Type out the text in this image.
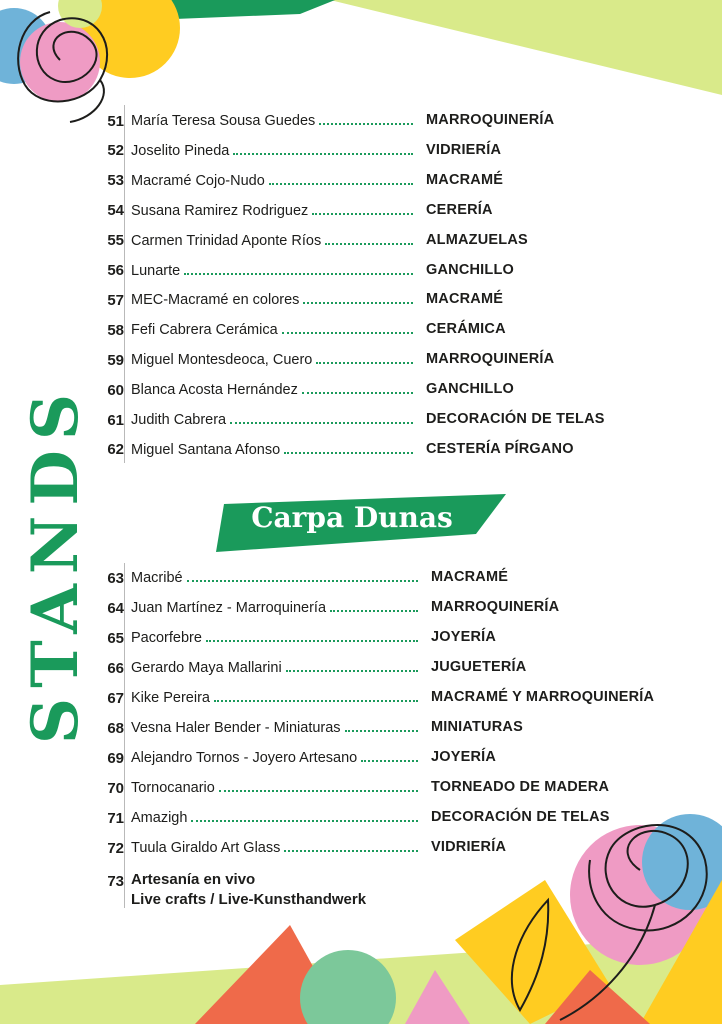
STANDS
51 María Teresa Sousa Guedes	MARROQUINERÍA
52 Joselito Pineda	VIDRIERÍA
53 Macramé Cojo-Nudo	MACRAMÉ
54 Susana Ramirez Rodriguez	CERERÍA
55 Carmen Trinidad Aponte Ríos	ALMAZUELAS
56 Lunarte	GANCHILLO
57 MEC-Macramé en colores	MACRAMÉ
58 Fefi Cabrera Cerámica	CERÁMICA
59 Miguel Montesdeoca, Cuero	MARROQUINERÍA
60 Blanca Acosta Hernández	GANCHILLO
61 Judith Cabrera	DECORACIÓN DE TELAS
62 Miguel Santana Afonso	CESTERÍA PÍRGANO
Carpa Dunas
63 Macribé	MACRAMÉ
64 Juan Martínez - Marroquinería	MARROQUINERÍA
65 Pacorfebre	JOYERÍA
66 Gerardo Maya Mallarini	JUGUETERÍA
67 Kike Pereira	MACRAMÉ Y MARROQUINERÍA
68 Vesna Haler Bender - Miniaturas	MINIATURAS
69 Alejandro Tornos - Joyero Artesano	JOYERÍA
70 Tornocanario	TORNEADO DE MADERA
71 Amazigh	DECORACIÓN DE TELAS
72 Tuula Giraldo Art Glass	VIDRIERÍA
73 Artesanía en vivo
Live crafts / Live-Kunsthandwerk
